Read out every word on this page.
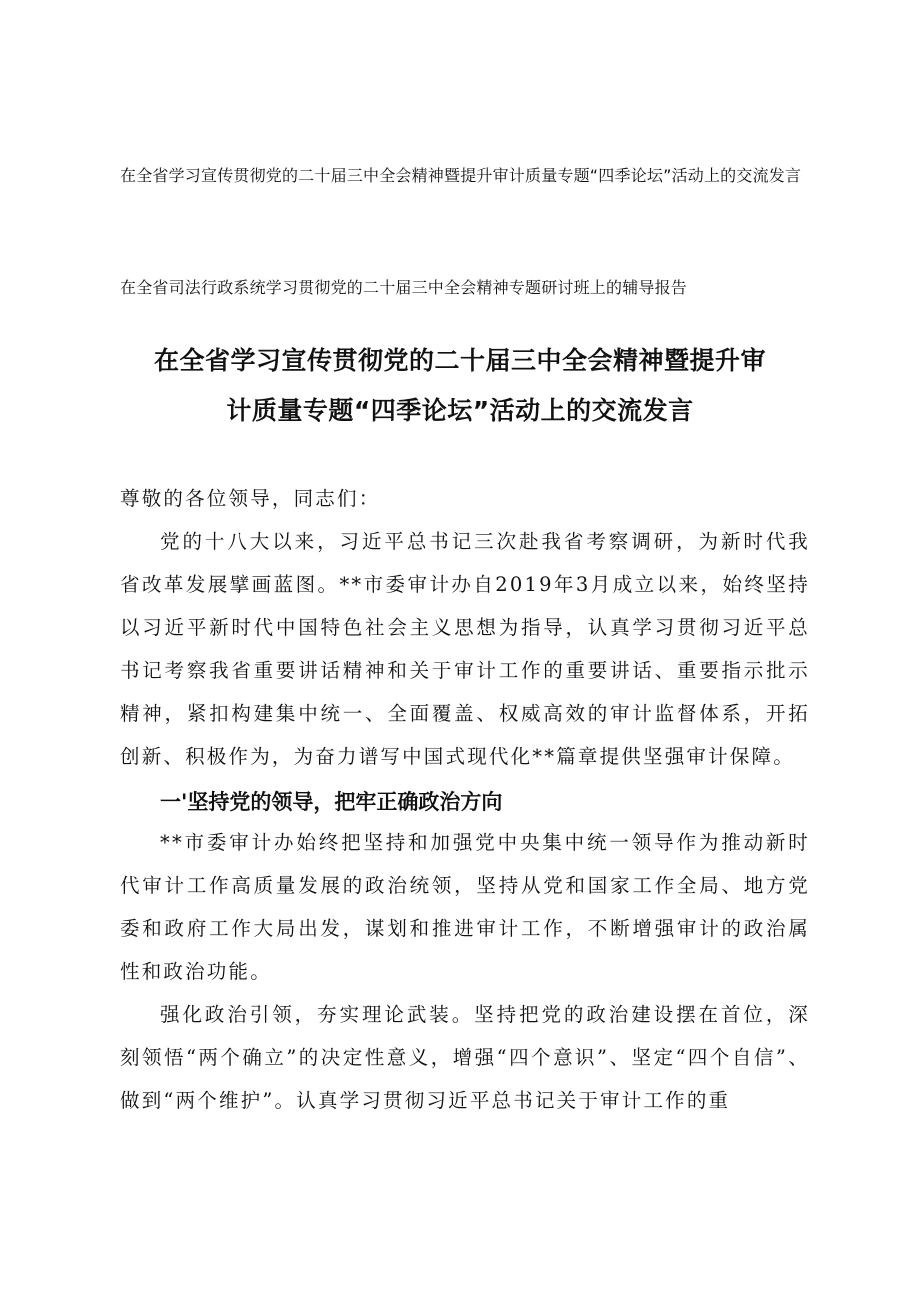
在全省学习宣传贯彻党的二十届三中全会精神暨提升审计质量专题“四季论坛”活动上的交流发言
在全省司法行政系统学习贯彻党的二十届三中全会精神专题研讨班上的辅导报告
在全省学习宣传贯彻党的二十届三中全会精神暨提升审
计质量专题“四季论坛”活动上的交流发言
尊敬的各位领导，同志们：
党的十八大以来，习近平总书记三次赴我省考察调研，为新时代我省改革发展擘画蓝图。**市委审计办自2019年3月成立以来，始终坚持以习近平新时代中国特色社会主义思想为指导，认真学习贯彻习近平总书记考察我省重要讲话精神和关于审计工作的重要讲话、重要指示批示精神，紧扣构建集中统一、全面覆盖、权威高效的审计监督体系，开拓创新、积极作为，为奋力谱写中国式现代化**篇章提供坚强审计保障。
一'坚持党的领导，把牢正确政治方向
**市委审计办始终把坚持和加强党中央集中统一领导作为推动新时代审计工作高质量发展的政治统领，坚持从党和国家工作全局、地方党委和政府工作大局出发，谋划和推进审计工作，不断增强审计的政治属性和政治功能。
强化政治引领，夯实理论武装。坚持把党的政治建设摆在首位，深刻领悟“两个确立”的决定性意义，增强“四个意识”、坚定“四个自信”、做到“两个维护”。认真学习贯彻习近平总书记关于审计工作的重
